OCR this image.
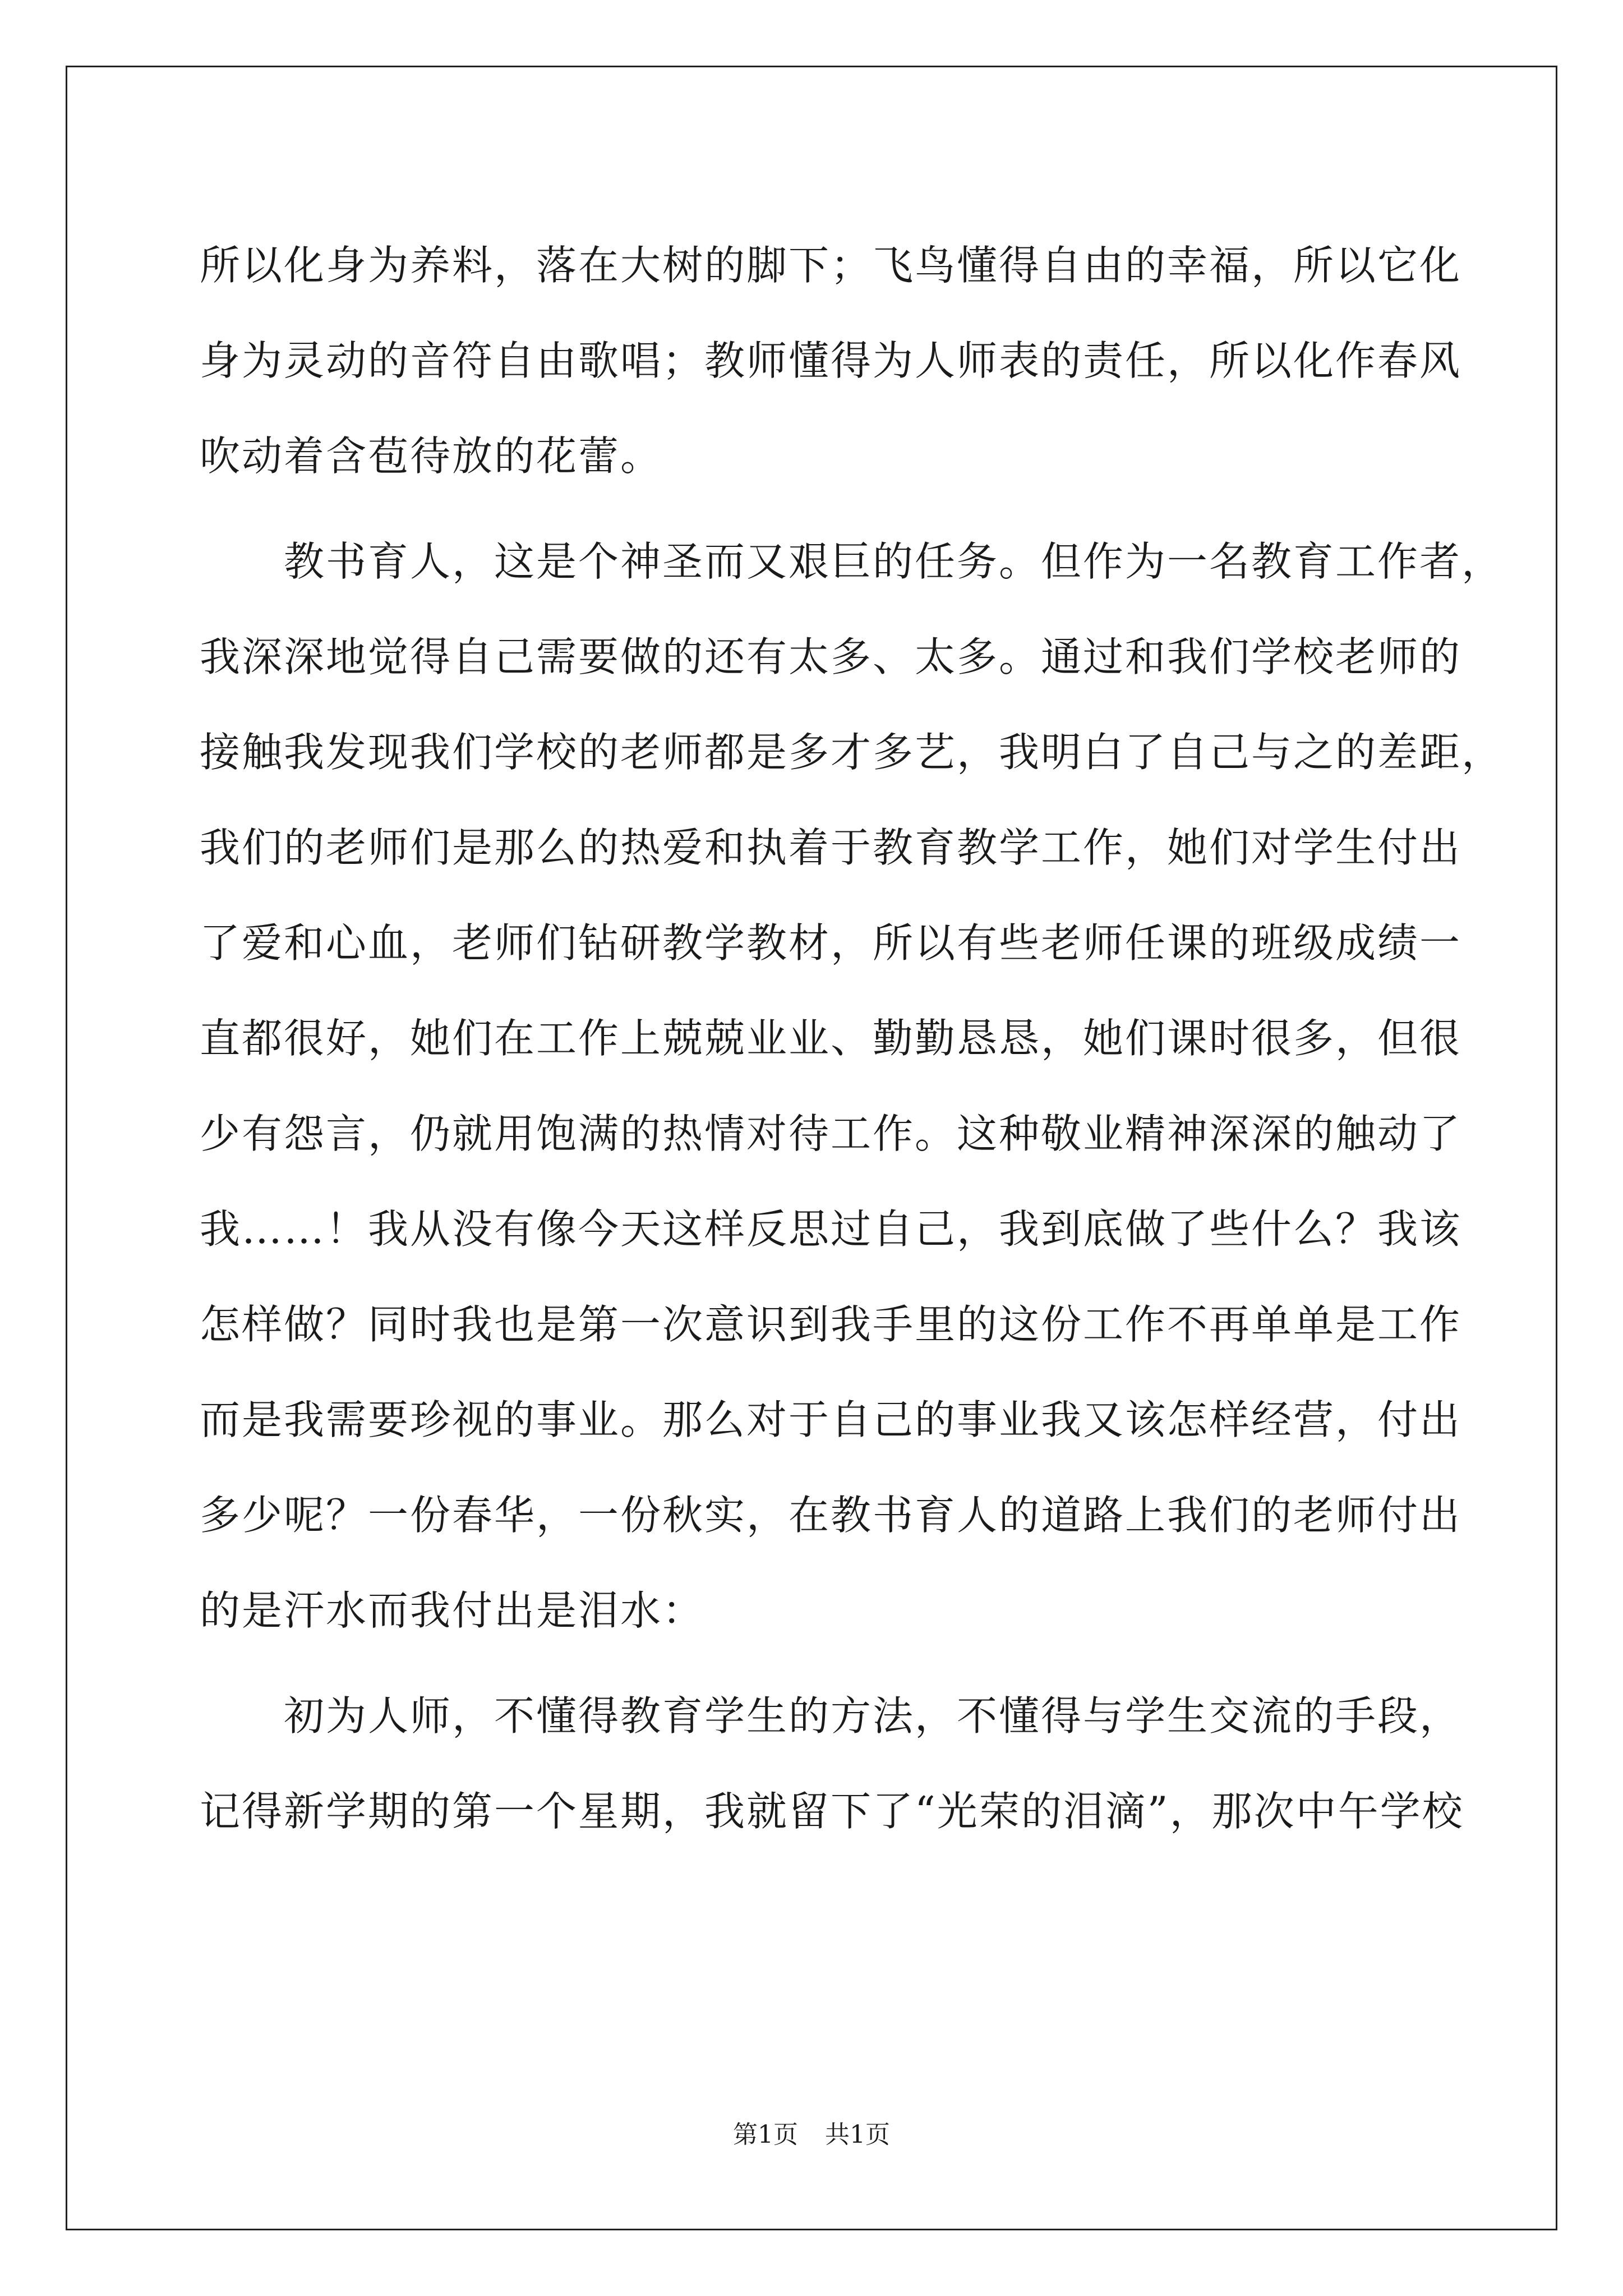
所以化身为养料，落在大树的脚下；飞鸟懂得自由的幸福，所以它化
身为灵动的音符自由歌唱；教师懂得为人师表的责任，所以化作春风
吹动着含苞待放的花蕾。
　　教书育人，这是个神圣而又艰巨的任务。但作为一名教育工作者，
我深深地觉得自己需要做的还有太多、太多。通过和我们学校老师的
接触我发现我们学校的老师都是多才多艺，我明白了自己与之的差距，
我们的老师们是那么的热爱和执着于教育教学工作，她们对学生付出
了爱和心血，老师们钻研教学教材，所以有些老师任课的班级成绩一
直都很好，她们在工作上兢兢业业、勤勤恳恳，她们课时很多，但很
少有怨言，仍就用饱满的热情对待工作。这种敬业精神深深的触动了
我……！我从没有像今天这样反思过自己，我到底做了些什么？我该
怎样做？同时我也是第一次意识到我手里的这份工作不再单单是工作
而是我需要珍视的事业。那么对于自己的事业我又该怎样经营，付出
多少呢？一份春华，一份秋实，在教书育人的道路上我们的老师付出
的是汗水而我付出是泪水：
　　初为人师，不懂得教育学生的方法，不懂得与学生交流的手段，
记得新学期的第一个星期，我就留下了“光荣的泪滴”，那次中午学校
第1页 共1页
